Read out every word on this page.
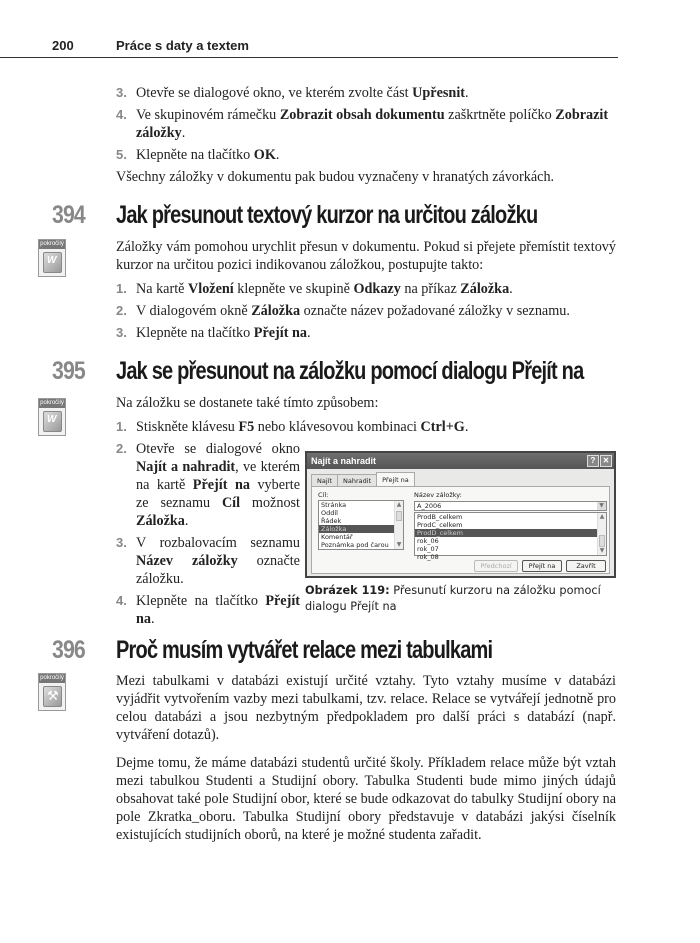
200	Práce s daty a textem
3. Otevře se dialogové okno, ve kterém zvolte část Upřesnit.
4. Ve skupinovém rámečku Zobrazit obsah dokumentu zaškrtněte políčko Zobrazit záložky.
5. Klepněte na tlačítko OK.
Všechny záložky v dokumentu pak budou vyznačeny v hranatých závorkách.
394 Jak přesunout textový kurzor na určitou záložku
pokročilý
W	Záložky vám pomohou urychlit přesun v dokumentu. Pokud si přejete přemístit textový kurzor na určitou pozici indikovanou záložkou, postupujte takto:
1. Na kartě Vložení klepněte ve skupině Odkazy na příkaz Záložka.
2. V dialogovém okně Záložka označte název požadované záložky v seznamu.
3. Klepněte na tlačítko Přejít na.
395 Jak se přesunout na záložku pomocí dialogu Přejít na
pokročilý
W	Na záložku se dostanete také tímto způsobem:
1. Stiskněte klávesu F5 nebo klávesovou kombinaci Ctrl+G.
2. Otevře se dialogové okno Najít a nahradit, ve kterém na kartě Přejít na vyberte ze seznamu Cíl možnost Záložka.
3. V rozbalovacím seznamu Název záložky označte záložku.
4. Klepněte na tlačítko Přejít na.
Najít a nahradit	? ✕
Najít	Nahradit	Přejít na
Cíl:
Stránka
Oddíl
Řádek
Záložka
Komentář
Poznámka pod čarou
▲
▼
Název záložky:
A_2006	▼
ProdB_celkem
ProdC_celkem
ProdD_celkem
rok_06
rok_07
rok_08
▲
▼
Předchozí	Přejít na	Zavřít
Obrázek 119: Přesunutí kurzoru na záložku pomocí dialogu Přejít na
396 Proč musím vytvářet relace mezi tabulkami
pokročilý
⚒	Mezi tabulkami v databázi existují určité vztahy. Tyto vztahy musíme v databázi vyjádřit vytvořením vazby mezi tabulkami, tzv. relace. Relace se vytvářejí jednotně pro celou databázi a jsou nezbytným předpokladem pro další práci s databází (např. vytváření dotazů).
Dejme tomu, že máme databázi studentů určité školy. Příkladem relace může být vztah mezi tabulkou Studenti a Studijní obory. Tabulka Studenti bude mimo jiných údajů obsahovat také pole Studijní obor, které se bude odkazovat do tabulky Studijní obory na pole Zkratka_oboru. Tabulka Studijní obory představuje v databázi jakýsi číselník existujících studijních oborů, na které je možné studenta zařadit.
